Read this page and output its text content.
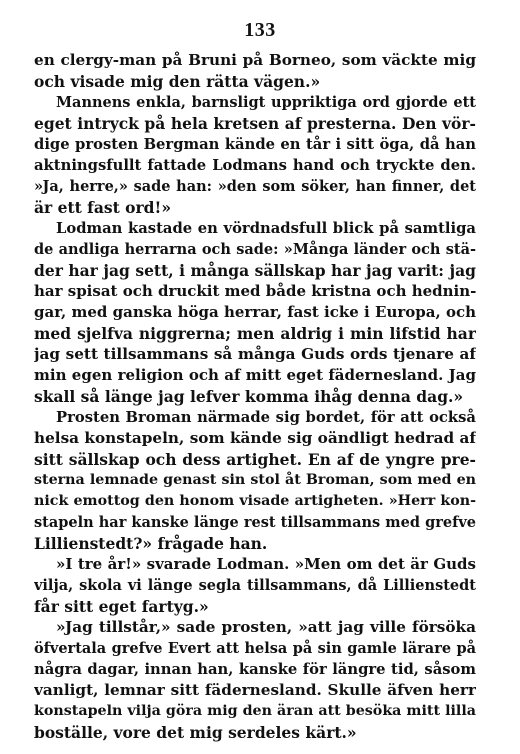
133
en clergy-man på Bruni på Borneo, som väckte mig
och visade mig den rätta vägen.»
Mannens enkla, barnsligt uppriktiga ord gjorde ett
eget intryck på hela kretsen af presterna. Den vör-
dige prosten Bergman kände en tår i sitt öga, då han
aktningsfullt fattade Lodmans hand och tryckte den.
»Ja, herre,» sade han: »den som söker, han finner, det
är ett fast ord!»
Lodman kastade en vördnadsfull blick på samtliga
de andliga herrarna och sade: »Många länder och stä-
der har jag sett, i många sällskap har jag varit: jag
har spisat och druckit med både kristna och hednin-
gar, med ganska höga herrar, fast icke i Europa, och
med sjelfva niggrerna; men aldrig i min lifstid har
jag sett tillsammans så många Guds ords tjenare af
min egen religion och af mitt eget fädernesland. Jag
skall så länge jag lefver komma ihåg denna dag.»
Prosten Broman närmade sig bordet, för att också
helsa konstapeln, som kände sig oändligt hedrad af
sitt sällskap och dess artighet. En af de yngre pre-
sterna lemnade genast sin stol åt Broman, som med en
nick emottog den honom visade artigheten. »Herr kon-
stapeln har kanske länge rest tillsammans med grefve
Lillienstedt?» frågade han.
»I tre år!» svarade Lodman. »Men om det är Guds
vilja, skola vi länge segla tillsammans, då Lillienstedt
får sitt eget fartyg.»
»Jag tillstår,» sade prosten, »att jag ville försöka
öfvertala grefve Evert att helsa på sin gamle lärare på
några dagar, innan han, kanske för längre tid, såsom
vanligt, lemnar sitt fädernesland. Skulle äfven herr
konstapeln vilja göra mig den äran att besöka mitt lilla
boställe, vore det mig serdeles kärt.»
